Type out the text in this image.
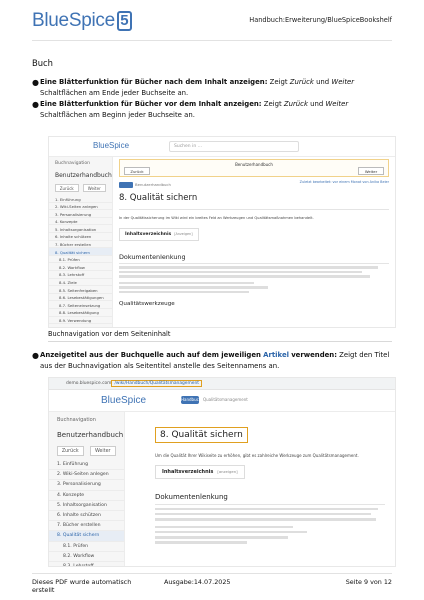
BlueSpice 5	Handbuch:Erweiterung/BlueSpiceBookshelf
Buch
● Eine Blätterfunktion für Bücher nach dem Inhalt anzeigen: Zeigt Zurück und Weiter Schaltflächen am Ende jeder Buchseite an.
● Eine Blätterfunktion für Bücher vor dem Inhalt anzeigen: Zeigt Zurück und Weiter Schaltflächen am Beginn jeder Buchseite an.
BlueSpice	Suchen in …
Buchnavigation
Benutzerhandbuch
Zurück	Weiter
1. Einführung
2. Wiki-Seiten anlegen
3. Personalisierung
4. Konzepte
5. Inhaltsorganisation
6. Inhalte schützen
7. Bücher erstellen
8. Qualität sichern
8.1. Prüfen
8.2. Workflow
8.3. Lehrstoff
8.4. Ziele
8.5. Seitenfreigaben
8.6. Lesebestätigungen
8.7. Seiteneinsetzung
8.8. Lesebestätigung
8.9. Verwendung
Benutzerhandbuch
Zurück	Weiter
Benutzerhandbuch	Zuletzt bearbeitet: vor einem Monat von Anika Beier
8. Qualität sichern
In der Qualitätssicherung im Wiki wird ein breites Feld an Werkzeugen und Qualitätsmaßnahmen behandelt.
Inhaltsverzeichnis [Anzeigen]
Dokumentenlenkung
Qualitätswerkzeuge
Buchnavigation vor dem Seiteninhalt
● Anzeigetitel aus der Buchquelle auch auf dem jeweiligen Artikel verwenden: Zeigt den Titel aus der Buchnavigation als Seitentitel anstelle des Seitennamens an.
demo.bluespice.com /wiki/Handbuch/Qualitätsmanagement
BlueSpice	Handbuch Qualitätsmanagement
Buchnavigation
Benutzerhandbuch
Zurück	Weiter
1. Einführung
2. Wiki-Seiten anlegen
3. Personalisierung
4. Konzepte
5. Inhaltsorganisation
6. Inhalte schützen
7. Bücher erstellen
8. Qualität sichern
8.1. Prüfen
8.2. Workflow
8.3. Lehrstoff
8. Qualität sichern
Um die Qualität Ihrer Wikiseite zu erhöhen, gibt es zahlreiche Werkzeuge zum Qualitätsmanagement.
Inhaltsverzeichnis [anzeigen]
Dokumentenlenkung
Dieses PDF wurde automatisch erstellt
Ausgabe:14.07.2025	Seite 9 von 12
